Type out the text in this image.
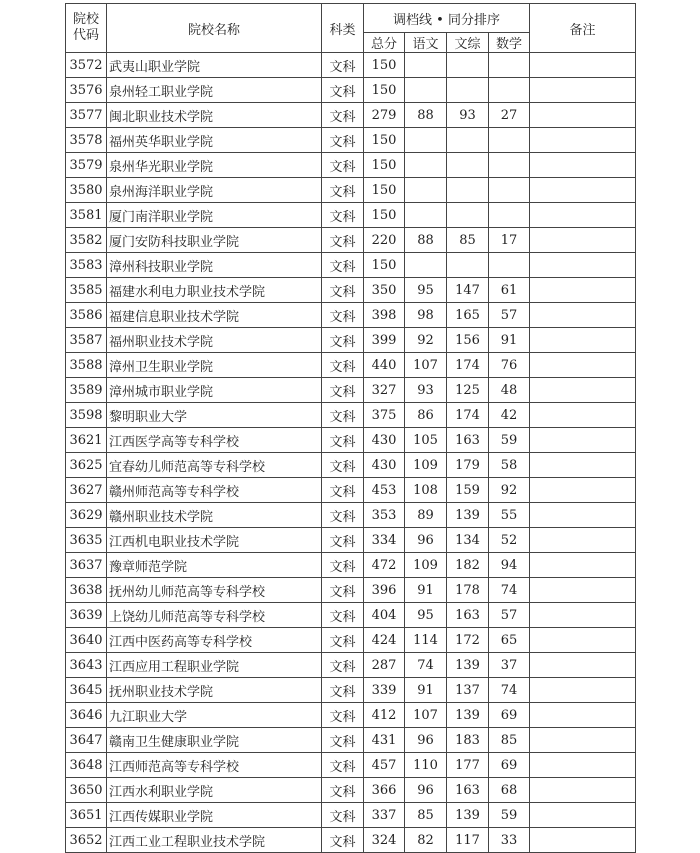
院校
代码	院校名称	科类	调档线 • 同分排序				备注
			总分	语文	文综	数学	
3572	武夷山职业学院	文科	150				
3576	泉州轻工职业学院	文科	150				
3577	闽北职业技术学院	文科	279	88	93	27	
3578	福州英华职业学院	文科	150				
3579	泉州华光职业学院	文科	150				
3580	泉州海洋职业学院	文科	150				
3581	厦门南洋职业学院	文科	150				
3582	厦门安防科技职业学院	文科	220	88	85	17	
3583	漳州科技职业学院	文科	150				
3585	福建水利电力职业技术学院	文科	350	95	147	61	
3586	福建信息职业技术学院	文科	398	98	165	57	
3587	福州职业技术学院	文科	399	92	156	91	
3588	漳州卫生职业学院	文科	440	107	174	76	
3589	漳州城市职业学院	文科	327	93	125	48	
3598	黎明职业大学	文科	375	86	174	42	
3621	江西医学高等专科学校	文科	430	105	163	59	
3625	宜春幼儿师范高等专科学校	文科	430	109	179	58	
3627	赣州师范高等专科学校	文科	453	108	159	92	
3629	赣州职业技术学院	文科	353	89	139	55	
3635	江西机电职业技术学院	文科	334	96	134	52	
3637	豫章师范学院	文科	472	109	182	94	
3638	抚州幼儿师范高等专科学校	文科	396	91	178	74	
3639	上饶幼儿师范高等专科学校	文科	404	95	163	57	
3640	江西中医药高等专科学校	文科	424	114	172	65	
3643	江西应用工程职业学院	文科	287	74	139	37	
3645	抚州职业技术学院	文科	339	91	137	74	
3646	九江职业大学	文科	412	107	139	69	
3647	赣南卫生健康职业学院	文科	431	96	183	85	
3648	江西师范高等专科学校	文科	457	110	177	69	
3650	江西水利职业学院	文科	366	96	163	68	
3651	江西传媒职业学院	文科	337	85	139	59	
3652	江西工业工程职业技术学院	文科	324	82	117	33	
